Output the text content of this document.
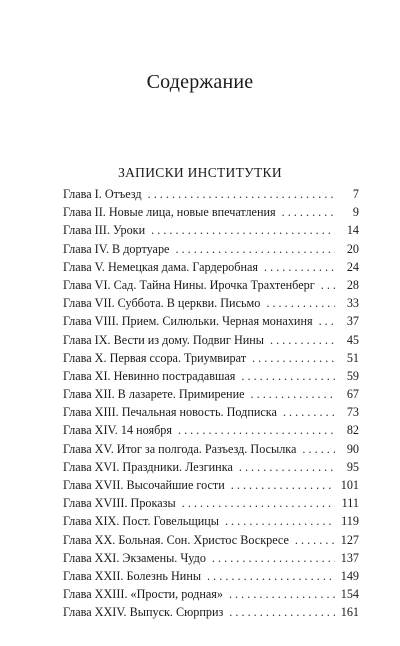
Содержание
ЗАПИСКИ ИНСТИТУТКИ
Глава I. Отъезд . . .	7
Глава II. Новые лица, новые впечатления . . .	9
Глава III. Уроки . . .	14
Глава IV. В дортуаре . . .	20
Глава V. Немецкая дама. Гардеробная . . .	24
Глава VI. Сад. Тайна Нины. Ирочка Трахтенберг . . .	28
Глава VII. Суббота. В церкви. Письмо . . .	33
Глава VIII. Прием. Силюльки. Черная монахиня . . .	37
Глава IX. Вести из дому. Подвиг Нины . . .	45
Глава X. Первая ссора. Триумвират . . .	51
Глава XI. Невинно пострадавшая . . .	59
Глава XII. В лазарете. Примирение . . .	67
Глава XIII. Печальная новость. Подписка . . .	73
Глава XIV. 14 ноября . . .	82
Глава XV. Итог за полгода. Разъезд. Посылка . . .	90
Глава XVI. Праздники. Лезгинка . . .	95
Глава XVII. Высочайшие гости . . .	101
Глава XVIII. Проказы . . .	111
Глава XIX. Пост. Говельщицы . . .	119
Глава XX. Больная. Сон. Христос Воскресе . . .	127
Глава XXI. Экзамены. Чудо . . .	137
Глава XXII. Болезнь Нины . . .	149
Глава XXIII. «Прости, родная» . . .	154
Глава XXIV. Выпуск. Сюрприз . . .	161
